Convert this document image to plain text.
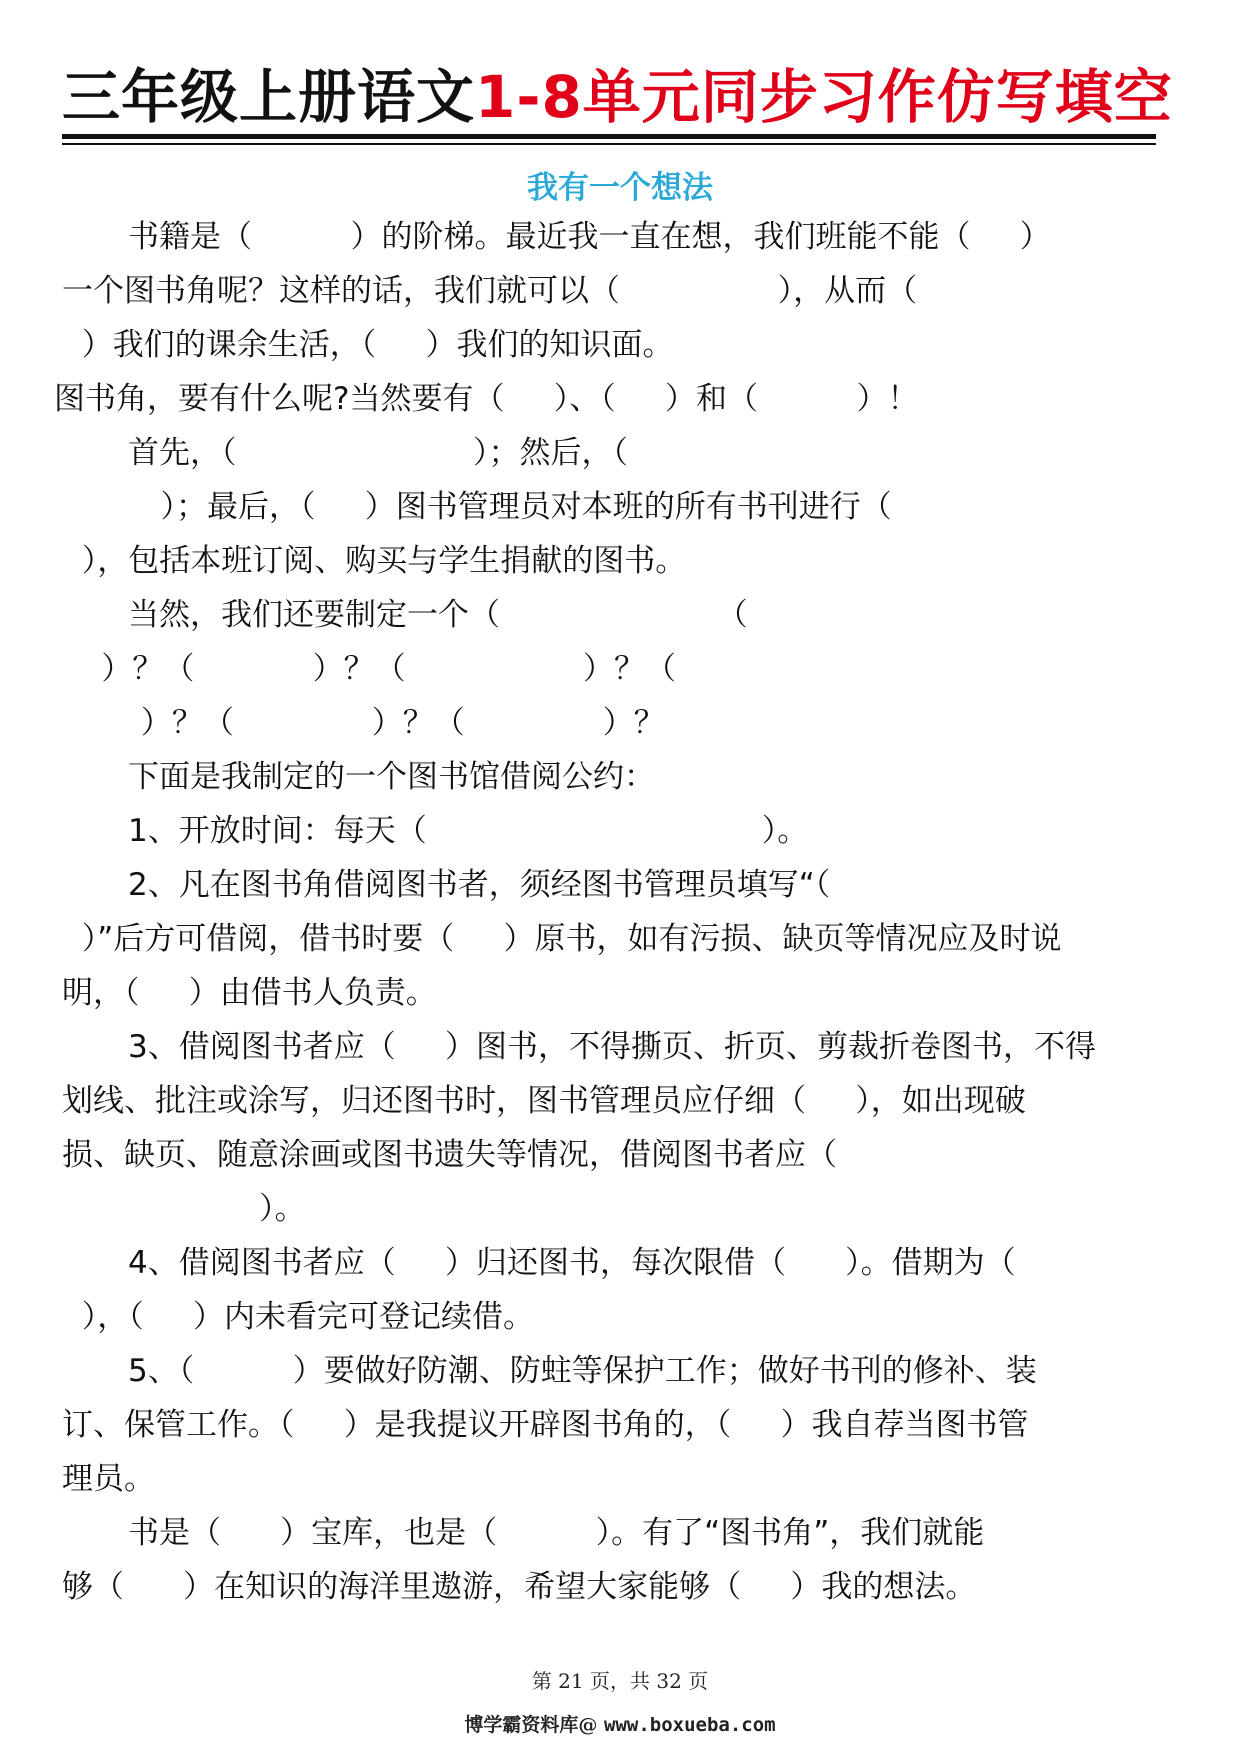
三年级上册语文1-8单元同步习作仿写填空
我有一个想法
书籍是（          ）的阶梯。最近我一直在想，我们班能不能（     ）
一个图书角呢？这样的话，我们就可以（                ），从而（
）我们的课余生活，（     ）我们的知识面。
图书角，要有什么呢?当然要有（     ）、（     ）和（          ）！
首先，（                        ）；然后，（
）；最后，（     ）图书管理员对本班的所有书刊进行（
），包括本班订阅、购买与学生捐献的图书。
当然，我们还要制定一个（                      （
）？（            ）？（                  ）？（
）？（              ）？（              ）？
下面是我制定的一个图书馆借阅公约：
1、开放时间：每天（                                  ）。
2、凡在图书角借阅图书者，须经图书管理员填写“（
）”后方可借阅，借书时要（     ）原书，如有污损、缺页等情况应及时说
明，（     ）由借书人负责。
3、借阅图书者应（     ）图书，不得撕页、折页、剪裁折卷图书，不得
划线、批注或涂写，归还图书时，图书管理员应仔细（     ），如出现破
损、缺页、随意涂画或图书遗失等情况，借阅图书者应（
）。
4、借阅图书者应（     ）归还图书，每次限借（      ）。借期为（
），（     ）内未看完可登记续借。
5、（          ）要做好防潮、防蛀等保护工作；做好书刊的修补、装
订、保管工作。（     ）是我提议开辟图书角的，（     ）我自荐当图书管
理员。
书是（      ）宝库，也是（          ）。有了“图书角”，我们就能
够（      ）在知识的海洋里遨游，希望大家能够（     ）我的想法。
第 21 页，共 32 页
博学霸资料库@ www.boxueba.com
